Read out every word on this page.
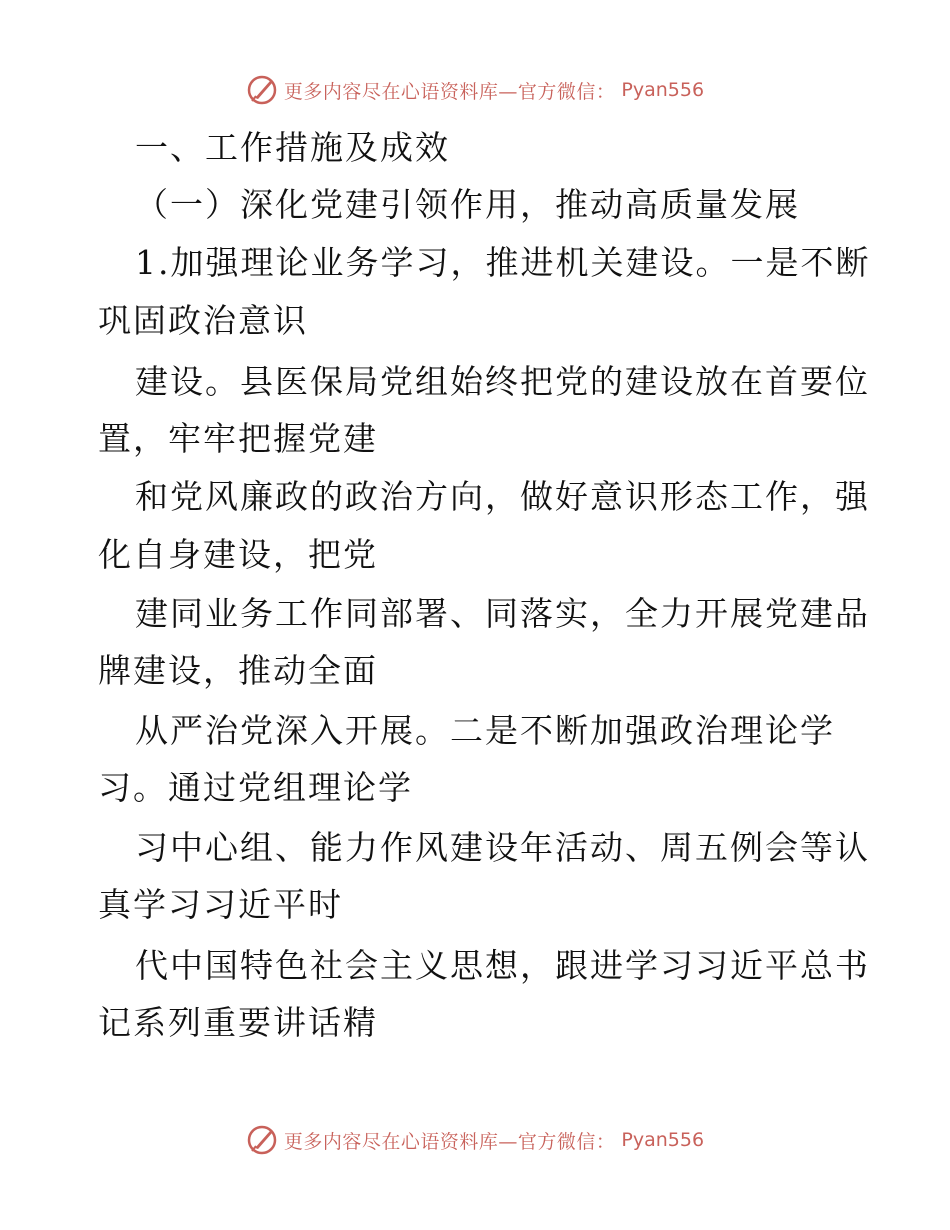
更多内容尽在心语资料库—官方微信： Pyan556
一、工作措施及成效
（一）深化党建引领作用，推动高质量发展
1.加强理论业务学习，推进机关建设。一是不断
巩固政治意识
建设。县医保局党组始终把党的建设放在首要位
置，牢牢把握党建
和党风廉政的政治方向，做好意识形态工作，强
化自身建设，把党
建同业务工作同部署、同落实，全力开展党建品
牌建设，推动全面
从严治党深入开展。二是不断加强政治理论学
习。通过党组理论学
习中心组、能力作风建设年活动、周五例会等认
真学习习近平时
代中国特色社会主义思想，跟进学习习近平总书
记系列重要讲话精
更多内容尽在心语资料库—官方微信： Pyan556
